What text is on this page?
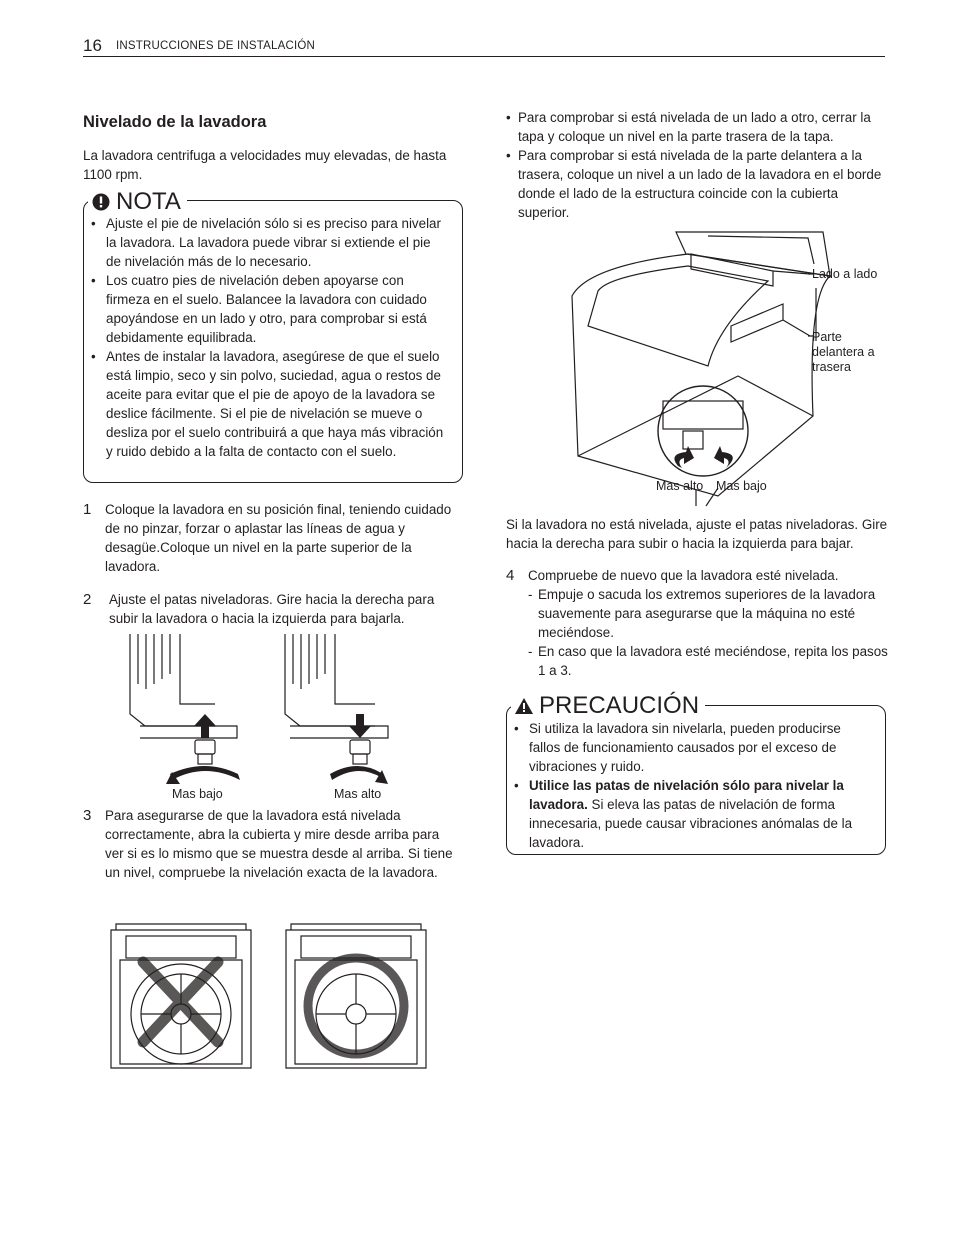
16 INSTRUCCIONES DE INSTALACIÓN
Nivelado de la lavadora

La lavadora centrifuga a velocidades muy elevadas, de hasta 1100 rpm.

NOTA
• Ajuste el pie de nivelación sólo si es preciso para nivelar la lavadora. La lavadora puede vibrar si extiende el pie de nivelación más de lo necesario.
• Los cuatro pies de nivelación deben apoyarse con firmeza en el suelo. Balancee la lavadora con cuidado apoyándose en un lado y otro, para comprobar si está debidamente equilibrada.
• Antes de instalar la lavadora, asegúrese de que el suelo está limpio, seco y sin polvo, suciedad, agua o restos de aceite para evitar que el pie de apoyo de la lavadora se deslice fácilmente. Si el pie de nivelación se mueve o desliza por el suelo contribuirá a que haya más vibración y ruido debido a la falta de contacto con el suelo.
1 Coloque la lavadora en su posición final, teniendo cuidado de no pinzar, forzar o aplastar las líneas de agua y desagüe.Coloque un nivel en la parte superior de la lavadora.
2 Ajuste el patas niveladoras. Gire hacia la derecha para subir la lavadora o hacia la izquierda para bajarla.
Mas bajo	Mas alto
3 Para asegurarse de que la lavadora está nivelada correctamente, abra la cubierta y mire desde arriba para ver si es lo mismo que se muestra desde al arriba. Si tiene un nivel, compruebe la nivelación exacta de la lavadora.
• Para comprobar si está nivelada de un lado a otro, cerrar la tapa y coloque un nivel en la parte trasera de la tapa.
• Para comprobar si está nivelada de la parte delantera a la trasera, coloque un nivel a un lado de la lavadora en el borde donde el lado de la estructura coincide con la cubierta superior.
Lado a lado
Parte delantera a trasera
Mas alto Mas bajo

Si la lavadora no está nivelada, ajuste el patas niveladoras. Gire hacia la derecha para subir o hacia la izquierda para bajar.

4 Compruebe de nuevo que la lavadora esté nivelada.
- Empuje o sacuda los extremos superiores de la lavadora suavemente para asegurarse que la máquina no esté meciéndose.
- En caso que la lavadora esté meciéndose, repita los pasos 1 a 3.
PRECAUCIÓN
• Si utiliza la lavadora sin nivelarla, pueden producirse fallos de funcionamiento causados por el exceso de vibraciones y ruido.
• Utilice las patas de nivelación sólo para nivelar la lavadora. Si eleva las patas de nivelación de forma innecesaria, puede causar vibraciones anómalas de la lavadora.
